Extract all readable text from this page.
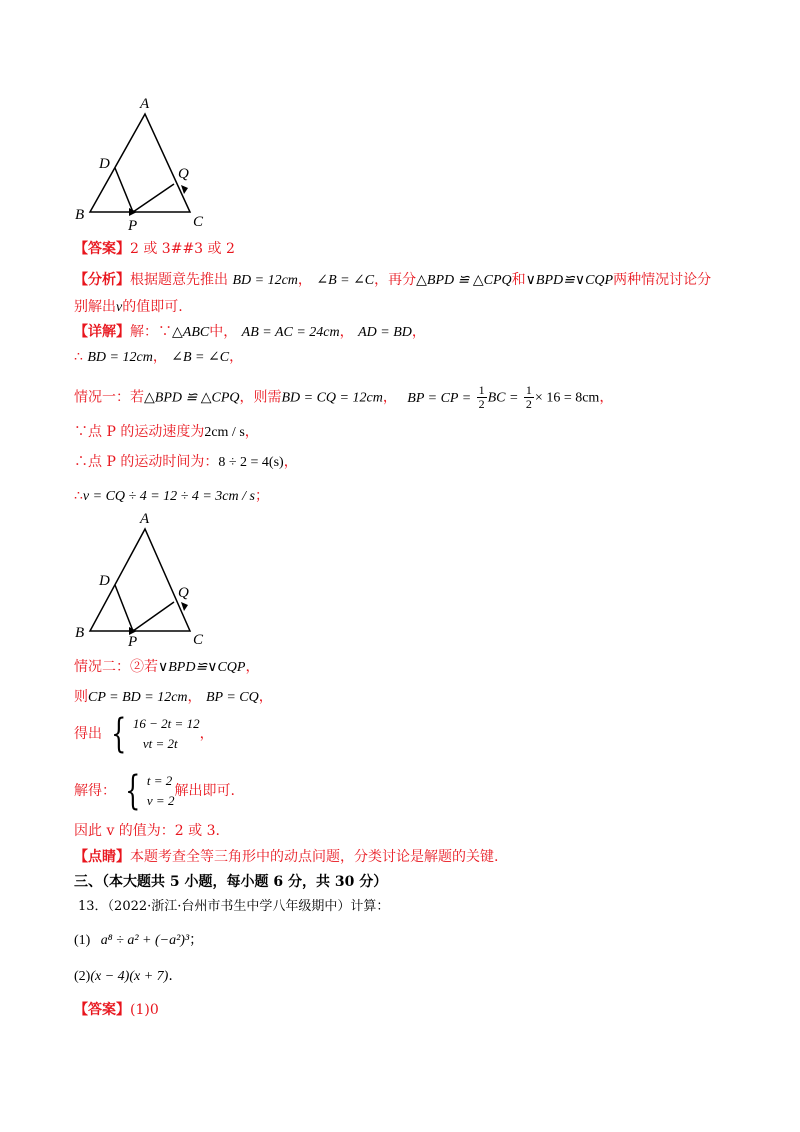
A
B	C
D
P
Q
【答案】2 或 3##3 或 2
【分析】根据题意先推出 BD = 12cm， ∠B = ∠C，再分△BPD ≌ △CPQ和∨BPD≌∨CQP两种情况讨论分
别解出v的值即可.
【详解】解：∵△ABC中， AB = AC = 24cm， AD = BD，
∴ BD = 12cm， ∠B = ∠C，
情况一：若△BPD ≌ △CPQ，则需BD = CQ = 12cm， BP = CP = $\frac{1}{2}$ BC = $\frac{1}{2} \times 16 = 8cm$，
∵点 P 的运动速度为2cm / s，
∴点 P 的运动时间为：8 ÷ 2 = 4(s)，
∴v = CQ ÷ 4 = 12 ÷ 4 = 3cm / s；
A
B	C
D
P
Q
情况二：②若∨BPD≌∨CQP，
则CP = BD = 12cm， BP = CQ，
得出 { 16 − 2t = 12
vt = 2t
，
解得： { t = 2
v = 2
解出即可.
因此 v 的值为：2 或 3.
【点睛】本题考查全等三角形中的动点问题，分类讨论是解题的关键.
三、（本大题共 5 小题，每小题 6 分，共 30 分）
13．（2022·浙江·台州市书生中学八年级期中）计算：
(1) a⁸ ÷ a² + (−a²)³；
(2)(x − 4)(x + 7).
【答案】(1)0
